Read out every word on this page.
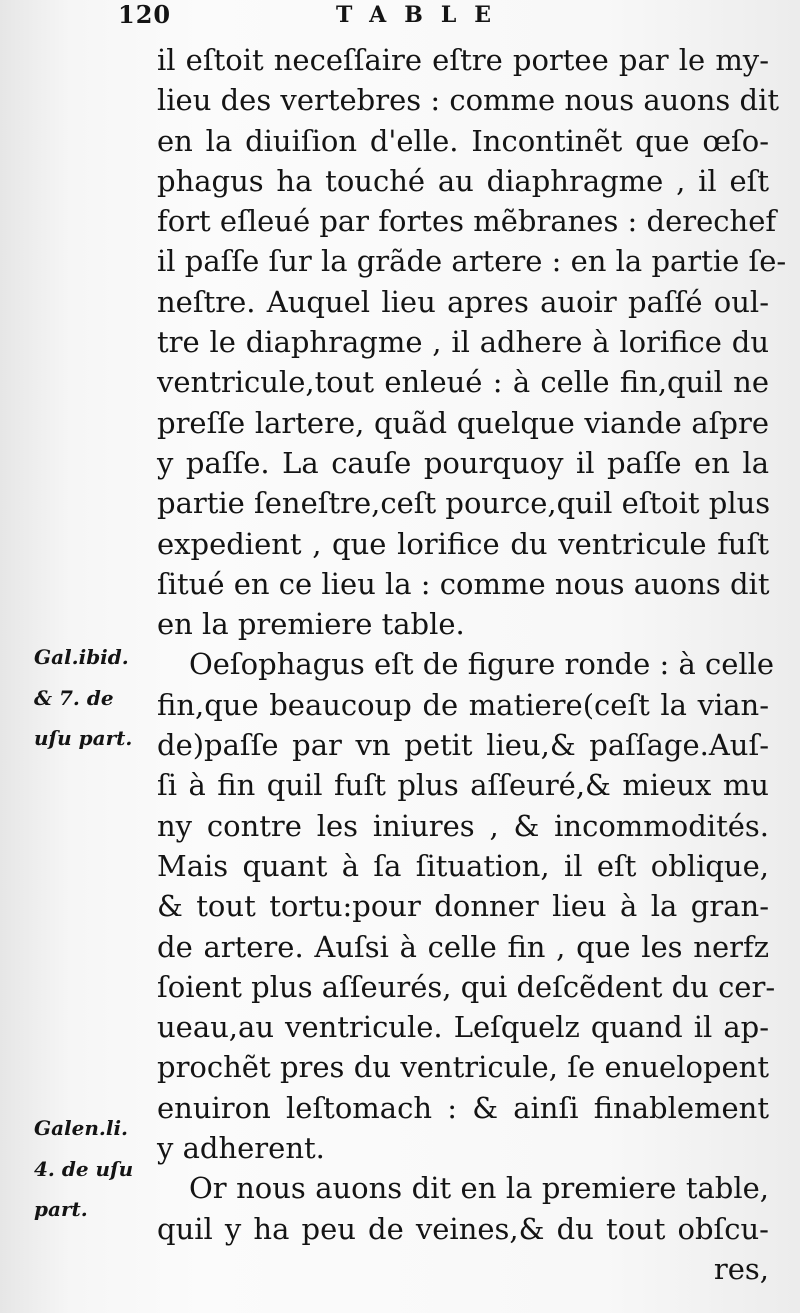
120	TABLE
il eſtoit neceſſaire eſtre portee par le my-
lieu des vertebres : comme nous auons dit
en la diuiſion d'elle. Incontinẽt que œſo-
phagus ha touché au diaphragme , il eſt
fort eſleué par fortes mẽbranes : derechef
il paſſe ſur la grãde artere : en la partie ſe-
neſtre. Auquel lieu apres auoir paſſé oul-
tre le diaphragme , il adhere à lorifice du
ventricule,tout enleué : à celle fin,quil ne
preſſe lartere, quãd quelque viande aſpre
y paſſe. La cauſe pourquoy il paſſe en la
partie ſeneſtre,ceſt pource,quil eſtoit plus
expedient , que lorifice du ventricule fuſt
ſitué en ce lieu la : comme nous auons dit
en la premiere table.
Oeſophagus eſt de figure ronde : à celle
fin,que beaucoup de matiere(ceſt la vian-
de)paſſe par vn petit lieu,& paſſage.Auſ-
ſi à fin quil fuſt plus aſſeuré,& mieux mu
ny contre les iniures , & incommodités.
Mais quant à ſa ſituation, il eſt oblique,
& tout tortu:pour donner lieu à la gran-
de artere. Auſsi à celle fin , que les nerfz
ſoient plus aſſeurés, qui deſcẽdent du cer-
ueau,au ventricule. Leſquelz quand il ap-
prochẽt pres du ventricule, ſe enuelopent
enuiron leſtomach : & ainſi finablement
y adherent.
Or nous auons dit en la premiere table,
quil y ha peu de veines,& du tout obſcu-
res,
Gal.ibid.
& 7. de
uſu part.
Galen.li.
4. de uſu
part.
